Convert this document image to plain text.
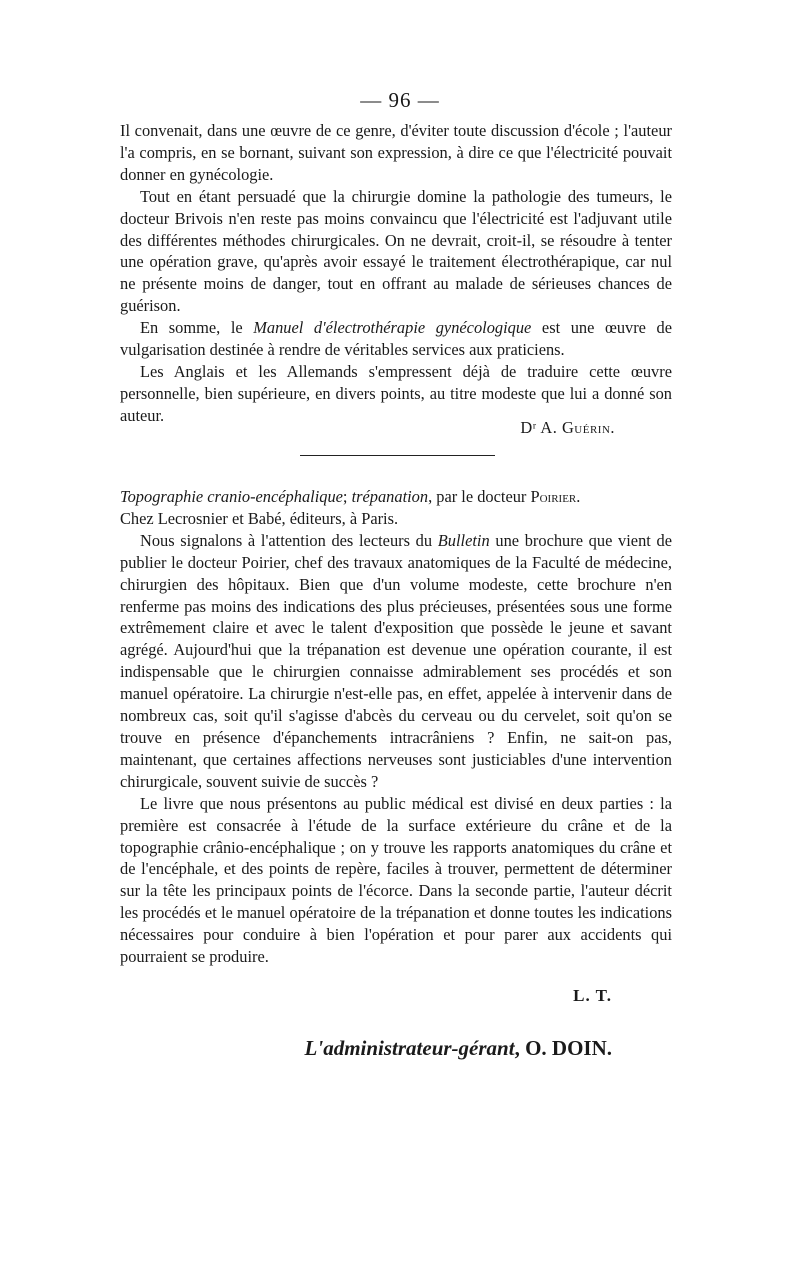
— 96 —

Il convenait, dans une œuvre de ce genre, d'éviter toute discussion d'école ; l'auteur l'a compris, en se bornant, suivant son expression, à dire ce que l'électricité pouvait donner en gynécologie.

Tout en étant persuadé que la chirurgie domine la pathologie des tumeurs, le docteur Brivois n'en reste pas moins convaincu que l'électricité est l'adjuvant utile des différentes méthodes chirurgicales. On ne devrait, croit-il, se résoudre à tenter une opération grave, qu'après avoir essayé le traitement électrothérapique, car nul ne présente moins de danger, tout en offrant au malade de sérieuses chances de guérison.

En somme, le Manuel d'électrothérapie gynécologique est une œuvre de vulgarisation destinée à rendre de véritables services aux praticiens.

Les Anglais et les Allemands s'empressent déjà de traduire cette œuvre personnelle, bien supérieure, en divers points, au titre modeste que lui a donné son auteur.

Dʳ A. Guérin.

Topographie cranio-encéphalique; trépanation, par le docteur Poirier.

Chez Lecrosnier et Babé, éditeurs, à Paris.

Nous signalons à l'attention des lecteurs du Bulletin une brochure que vient de publier le docteur Poirier, chef des travaux anatomiques de la Faculté de médecine, chirurgien des hôpitaux. Bien que d'un volume modeste, cette brochure n'en renferme pas moins des indications des plus précieuses, présentées sous une forme extrêmement claire et avec le talent d'exposition que possède le jeune et savant agrégé. Aujourd'hui que la trépanation est devenue une opération courante, il est indispensable que le chirurgien connaisse admirablement ses procédés et son manuel opératoire. La chirurgie n'est-elle pas, en effet, appelée à intervenir dans de nombreux cas, soit qu'il s'agisse d'abcès du cerveau ou du cervelet, soit qu'on se trouve en présence d'épanchements intracrâniens ? Enfin, ne sait-on pas, maintenant, que certaines affections nerveuses sont justiciables d'une intervention chirurgicale, souvent suivie de succès ?

Le livre que nous présentons au public médical est divisé en deux parties : la première est consacrée à l'étude de la surface extérieure du crâne et de la topographie crânio-encéphalique ; on y trouve les rapports anatomiques du crâne et de l'encéphale, et des points de repère, faciles à trouver, permettent de déterminer sur la tête les principaux points de l'écorce. Dans la seconde partie, l'auteur décrit les procédés et le manuel opératoire de la trépanation et donne toutes les indications nécessaires pour conduire à bien l'opération et pour parer aux accidents qui pourraient se produire.

L. T.
L'administrateur-gérant, O. DOIN.
